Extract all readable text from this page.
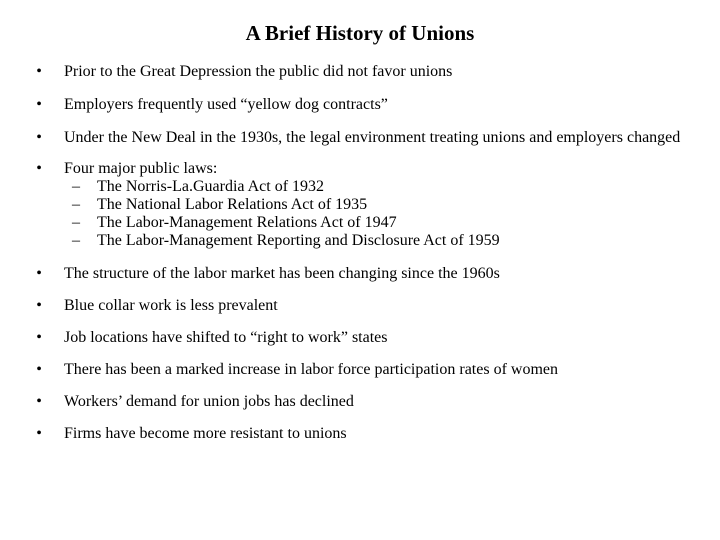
A Brief History of Unions
• Prior to the Great Depression the public did not favor unions
• Employers frequently used “yellow dog contracts”
• Under the New Deal in the 1930s, the legal environment treating unions and employers changed
• Four major public laws:
– The Norris-La.Guardia Act of 1932
– The National Labor Relations Act of 1935
– The Labor-Management Relations Act of 1947
– The Labor-Management Reporting and Disclosure Act of 1959
• The structure of the labor market has been changing since the 1960s
• Blue collar work is less prevalent
• Job locations have shifted to “right to work” states
• There has been a marked increase in labor force participation rates of women
• Workers’ demand for union jobs has declined
• Firms have become more resistant to unions
